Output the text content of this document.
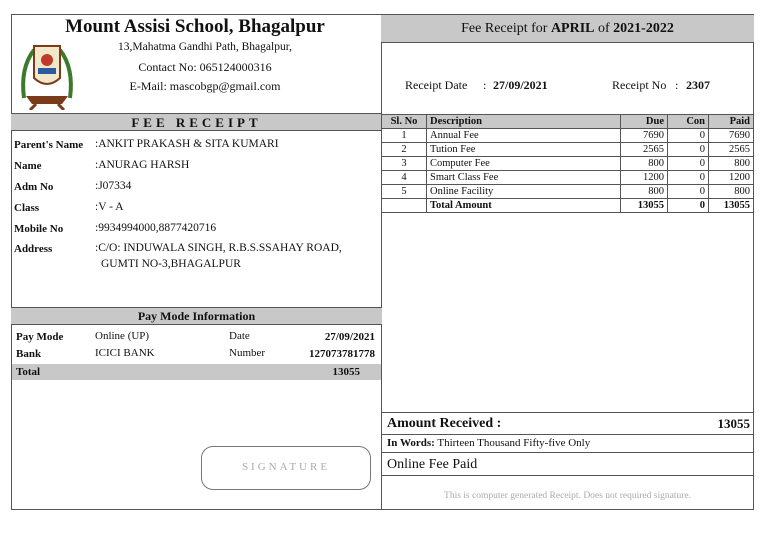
Mount Assisi School, Bhagalpur
13,Mahatma Gandhi Path, Bhagalpur,
Contact No: 065124000316
E-Mail: mascobgp@gmail.com
FEE RECEIPT
Parent's Name :ANKIT PRAKASH & SITA KUMARI
Name	:ANURAG HARSH
Adm No	:J07334
Class	:V - A
Mobile No	:9934994000,8877420716
Address	:C/O: INDUWALA SINGH, R.B.S.SSAHAY ROAD,
GUMTI NO-3,BHAGALPUR
Pay Mode Information
Pay Mode	Online (UP)	Date	27/09/2021
Bank	ICICI BANK	Number	127073781778
Total	13055
SIGNATURE
Fee Receipt for APRIL of 2021-2022
Receipt Date : 27/09/2021	Receipt No : 2307
Sl. No	Description	Due	Con	Paid
1	Annual Fee	7690	0	7690
2	Tution Fee	2565	0	2565
3	Computer Fee	800	0	800
4	Smart Class Fee	1200	0	1200
5	Online Facility	800	0	800
	Total Amount	13055	0	13055
Amount Received :	13055
In Words: Thirteen Thousand Fifty-five Only
Online Fee Paid
This is computer generated Receipt. Does not required signature.
